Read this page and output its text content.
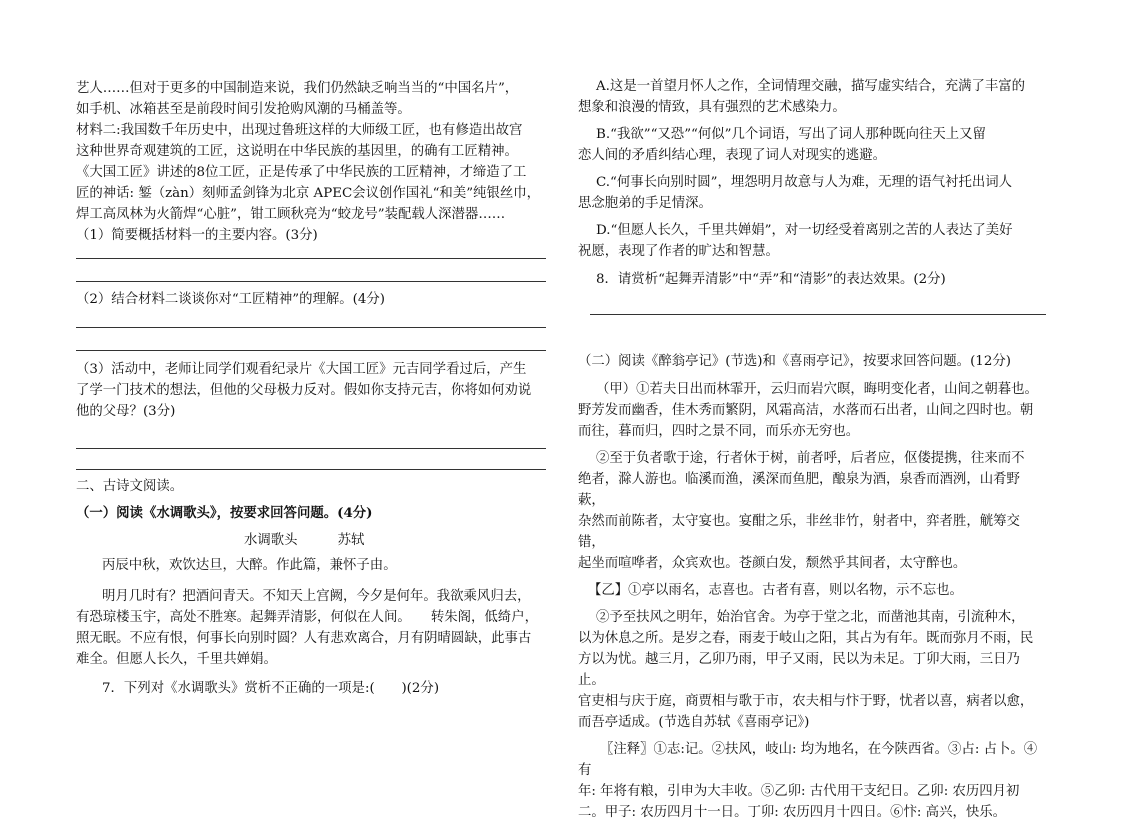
艺人……但对于更多的中国制造来说，我们仍然缺乏响当当的“中国名片”，
如手机、冰箱甚至是前段时间引发抢购风潮的马桶盖等。

材料二:我国数千年历史中，出现过鲁班这样的大师级工匠，也有修造出故宫
这种世界奇观建筑的工匠，这说明在中华民族的基因里，的确有工匠精神。
《大国工匠》讲述的8位工匠，正是传承了中华民族的工匠精神，才缔造了工
匠的神话: 錾（zàn）刻师孟剑锋为北京 APEC会议创作国礼“和美”纯银丝巾，
焊工高凤林为火箭焊“心脏”，钳工顾秋亮为“蛟龙号”装配载人深潜器……

（1）简要概括材料一的主要内容。(3分)

（2）结合材料二谈谈你对“工匠精神”的理解。(4分)

（3）活动中，老师让同学们观看纪录片《大国工匠》元吉同学看过后，产生
了学一门技术的想法，但他的父母极力反对。假如你支持元吉，你将如何劝说
他的父母？(3分)

二、古诗文阅读。

（一）阅读《水调歌头》，按要求回答问题。(4分)

水调歌头	苏轼

丙辰中秋，欢饮达旦，大醉。作此篇，兼怀子由。

明月几时有？把酒问青天。不知天上宫阙，今夕是何年。我欲乘风归去，
有恐琼楼玉宇，高处不胜寒。起舞弄清影，何似在人间。　　转朱阁，低绮户，
照无眠。不应有恨，何事长向别时圆？人有悲欢离合，月有阴晴圆缺，此事古
难全。但愿人长久，千里共婵娟。

7．下列对《水调歌头》赏析不正确的一项是:(　　)(2分)

A.这是一首望月怀人之作，全词情理交融，描写虚实结合，充满了丰富的
想象和浪漫的情致，具有强烈的艺术感染力。

B.“我欲”“又恐”“何似”几个词语，写出了词人那种既向往天上又留
恋人间的矛盾纠结心理，表现了词人对现实的逃避。

C.“何事长向别时圆”，埋怨明月故意与人为难，无理的语气衬托出词人
思念胞弟的手足情深。

D.“但愿人长久，千里共婵娟”，对一切经受着离别之苦的人表达了美好
祝愿，表现了作者的旷达和智慧。

8．请赏析“起舞弄清影”中“弄”和“清影”的表达效果。(2分)

（二）阅读《醉翁亭记》(节选)和《喜雨亭记》，按要求回答问题。(12分)

（甲）①若夫日出而林霏开，云归而岩穴暝，晦明变化者，山间之朝暮也。
野芳发而幽香，佳木秀而繁阴，风霜高洁，水落而石出者，山间之四时也。朝
而往，暮而归，四时之景不同，而乐亦无穷也。

②至于负者歌于途，行者休于树，前者呼，后者应，伛偻提携，往来而不
绝者，滁人游也。临溪而渔，溪深而鱼肥，酿泉为酒，泉香而酒洌，山肴野蔌，
杂然而前陈者，太守宴也。宴酣之乐，非丝非竹，射者中，弈者胜，觥筹交错，
起坐而喧哗者，众宾欢也。苍颜白发，颓然乎其间者，太守醉也。

【乙】①亭以雨名，志喜也。古者有喜，则以名物，示不忘也。

②予至扶风之明年，始治官舍。为亭于堂之北，而凿池其南，引流种木，
以为休息之所。是岁之春，雨麦于岐山之阳，其占为有年。既而弥月不雨，民
方以为忧。越三月，乙卯乃雨，甲子又雨，民以为未足。丁卯大雨，三日乃止。
官吏相与庆于庭，商贾相与歌于市，农夫相与忭于野，忧者以喜，病者以愈，
而吾亭适成。(节选自苏轼《喜雨亭记》)

〖注释〗①志:记。②扶风，岐山: 均为地名，在今陕西省。③占: 占卜。④有
年: 年将有粮，引申为大丰收。⑤乙卯: 古代用干支纪日。乙卯: 农历四月初
二。甲子: 农历四月十一日。丁卯: 农历四月十四日。⑥忭: 高兴，快乐。
